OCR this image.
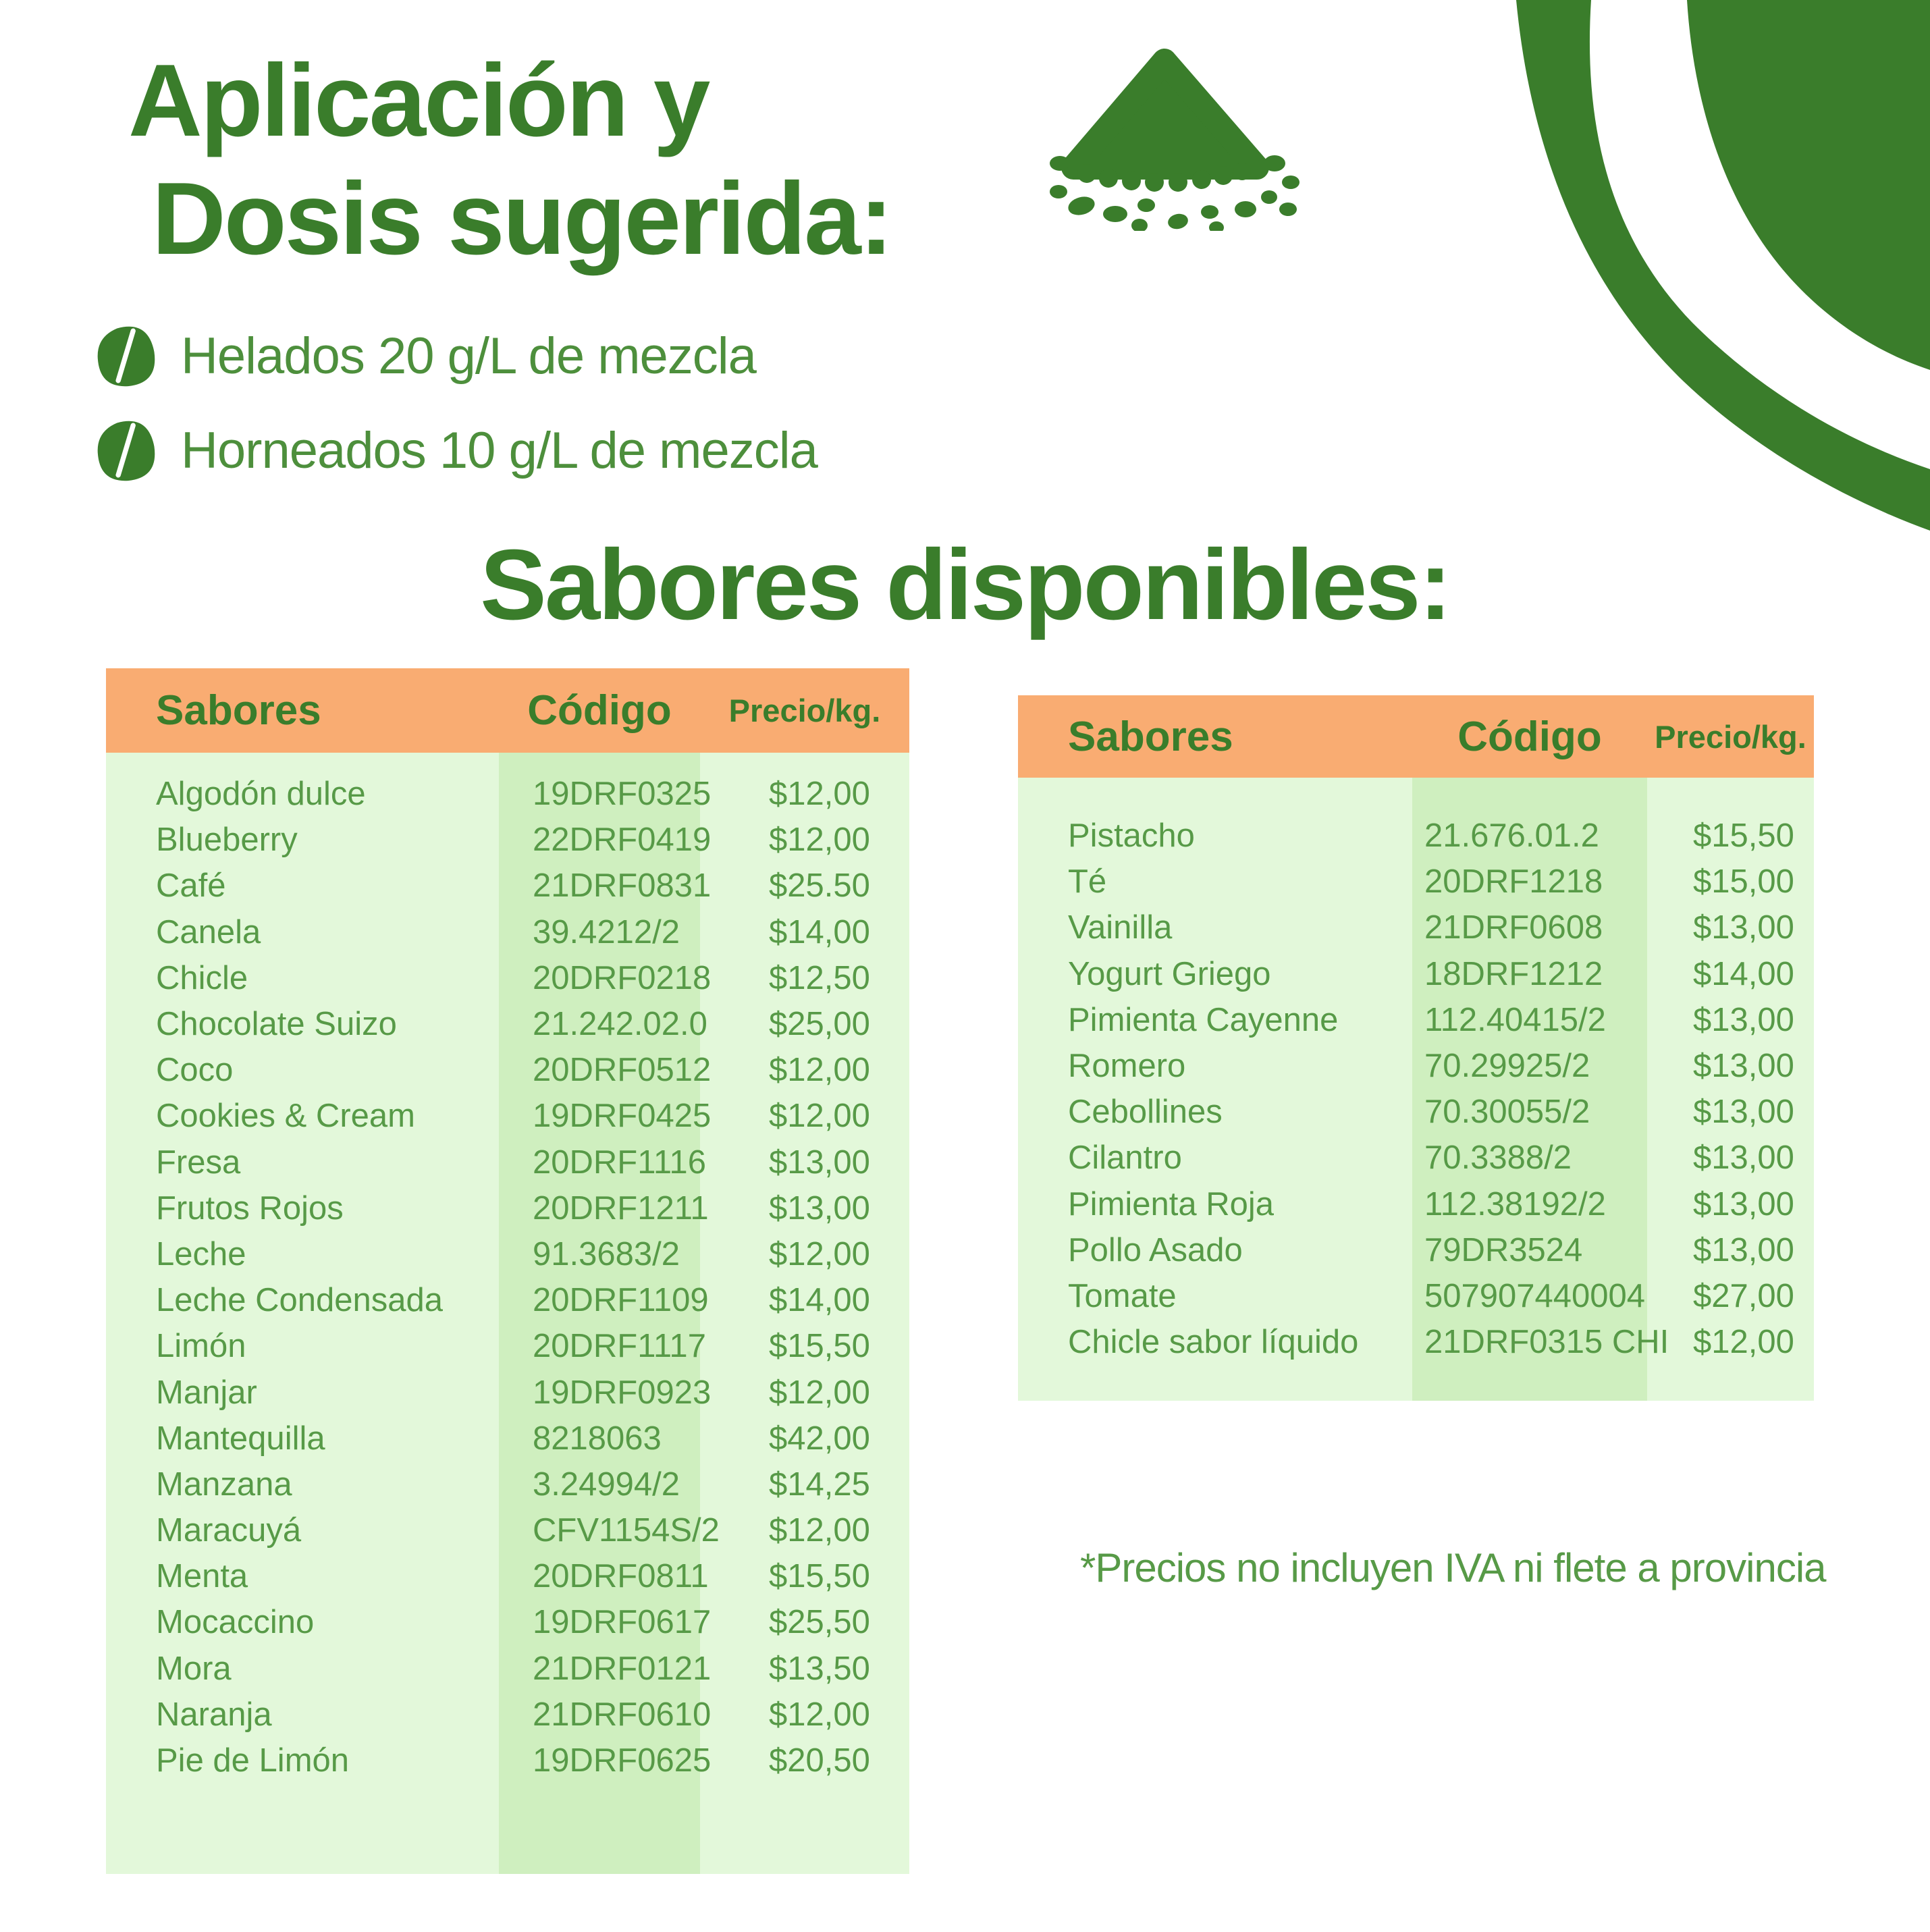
Aplicación y
Dosis sugerida:
Helados 20 g/L de mezcla
Horneados 10 g/L de mezcla
Sabores disponibles:
Sabores	Código	Precio/kg.
Algodón dulce	19DRF0325	$12,00
Blueberry	22DRF0419	$12,00
Café	21DRF0831	$25.50
Canela	39.4212/2	$14,00
Chicle	20DRF0218	$12,50
Chocolate Suizo	21.242.02.0	$25,00
Coco	20DRF0512	$12,00
Cookies & Cream	19DRF0425	$12,00
Fresa	20DRF1116	$13,00
Frutos Rojos	20DRF1211	$13,00
Leche	91.3683/2	$12,00
Leche Condensada	20DRF1109	$14,00
Limón	20DRF1117	$15,50
Manjar	19DRF0923	$12,00
Mantequilla	8218063	$42,00
Manzana	3.24994/2	$14,25
Maracuyá	CFV1154S/2	$12,00
Menta	20DRF0811	$15,50
Mocaccino	19DRF0617	$25,50
Mora	21DRF0121	$13,50
Naranja	21DRF0610	$12,00
Pie de Limón	19DRF0625	$20,50
Sabores	Código	Precio/kg.
Pistacho	21.676.01.2	$15,50
Té	20DRF1218	$15,00
Vainilla	21DRF0608	$13,00
Yogurt Griego	18DRF1212	$14,00
Pimienta Cayenne	112.40415/2	$13,00
Romero	70.29925/2	$13,00
Cebollines	70.30055/2	$13,00
Cilantro	70.3388/2	$13,00
Pimienta Roja	112.38192/2	$13,00
Pollo Asado	79DR3524	$13,00
Tomate	507907440004	$27,00
Chicle sabor líquido	21DRF0315 CHI $12,00
*Precios no incluyen IVA ni flete a provincia
